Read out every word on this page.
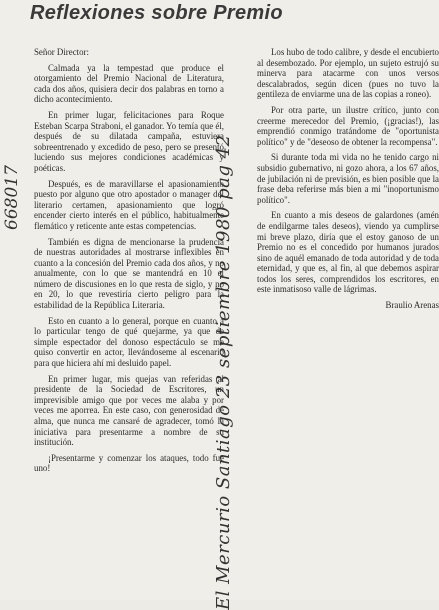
Reflexiones sobre Premio

Señor Director:

Calmada ya la tempestad que produce el otorgamiento del Premio Nacional de Literatura, cada dos años, quisiera decir dos palabras en torno a dicho acontecimiento.

En primer lugar, felicitaciones para Roque Esteban Scarpa Straboni, el ganador. Yo temía que él, después de su dilatada campaña, estuviera sobreentrenado y excedido de peso, pero se presentó luciendo sus mejores condiciones académicas y poéticas.

Después, es de maravillarse el apasionamiento puesto por alguno que otro apostador o manager del literario certamen, apasionamiento que logró encender cierto interés en el público, habitualmente flemático y reticente ante estas competencias.

También es digna de mencionarse la prudencia de nuestras autoridades al mostrarse inflexibles en cuanto a la concesión del Premio cada dos años, y no anualmente, con lo que se mantendrá en 10 el número de discusiones en lo que resta de siglo, y no en 20, lo que revestiría cierto peligro para la estabilidad de la República Literaria.

Esto en cuanto a lo general, porque en cuanto a lo particular tengo de qué quejarme, ya que de simple espectador del donoso espectáculo se me quiso convertir en actor, llevándoseme al escenario para que hiciera ahí mi desluido papel.

En primer lugar, mis quejas van referidas al presidente de la Sociedad de Escritores, un imprevisible amigo que por veces me alaba y por veces me aporrea. En este caso, con generosidad de alma, que nunca me cansaré de agradecer, tomó la iniciativa para presentarme a nombre de su institución.

¡Presentarme y comenzar los ataques, todo fue uno!

Los hubo de todo calibre, y desde el encubierto al desembozado. Por ejemplo, un sujeto estrujó su minerva para atacarme con unos versos descalabrados, según dicen (pues no tuvo la gentileza de enviarme una de las copias a roneo).

Por otra parte, un ilustre crítico, junto con creerme merecedor del Premio, (¡gracias!), las emprendió conmigo tratándome de "oportunista político" y de "deseoso de obtener la recompensa".

Si durante toda mi vida no he tenido cargo ni subsidio gubernativo, ni gozo ahora, a los 67 años, de jubilación ni de previsión, es bien posible que la frase deba referirse más bien a mi "inoportunismo político".

En cuanto a mis deseos de galardones (amén de endilgarme tales deseos), viendo ya cumplirse mi breve plazo, diría que el estoy ganoso de un Premio no es el concedido por humanos jurados sino de aquél emanado de toda autoridad y de toda eternidad, y que es, al fin, al que debemos aspirar todos los seres, comprendidos los escritores, en este inmatisoso valle de lágrimas.

Braulio Arenas

El Mercurio Santiago 23 septiembre 1980 pag 42
668017
